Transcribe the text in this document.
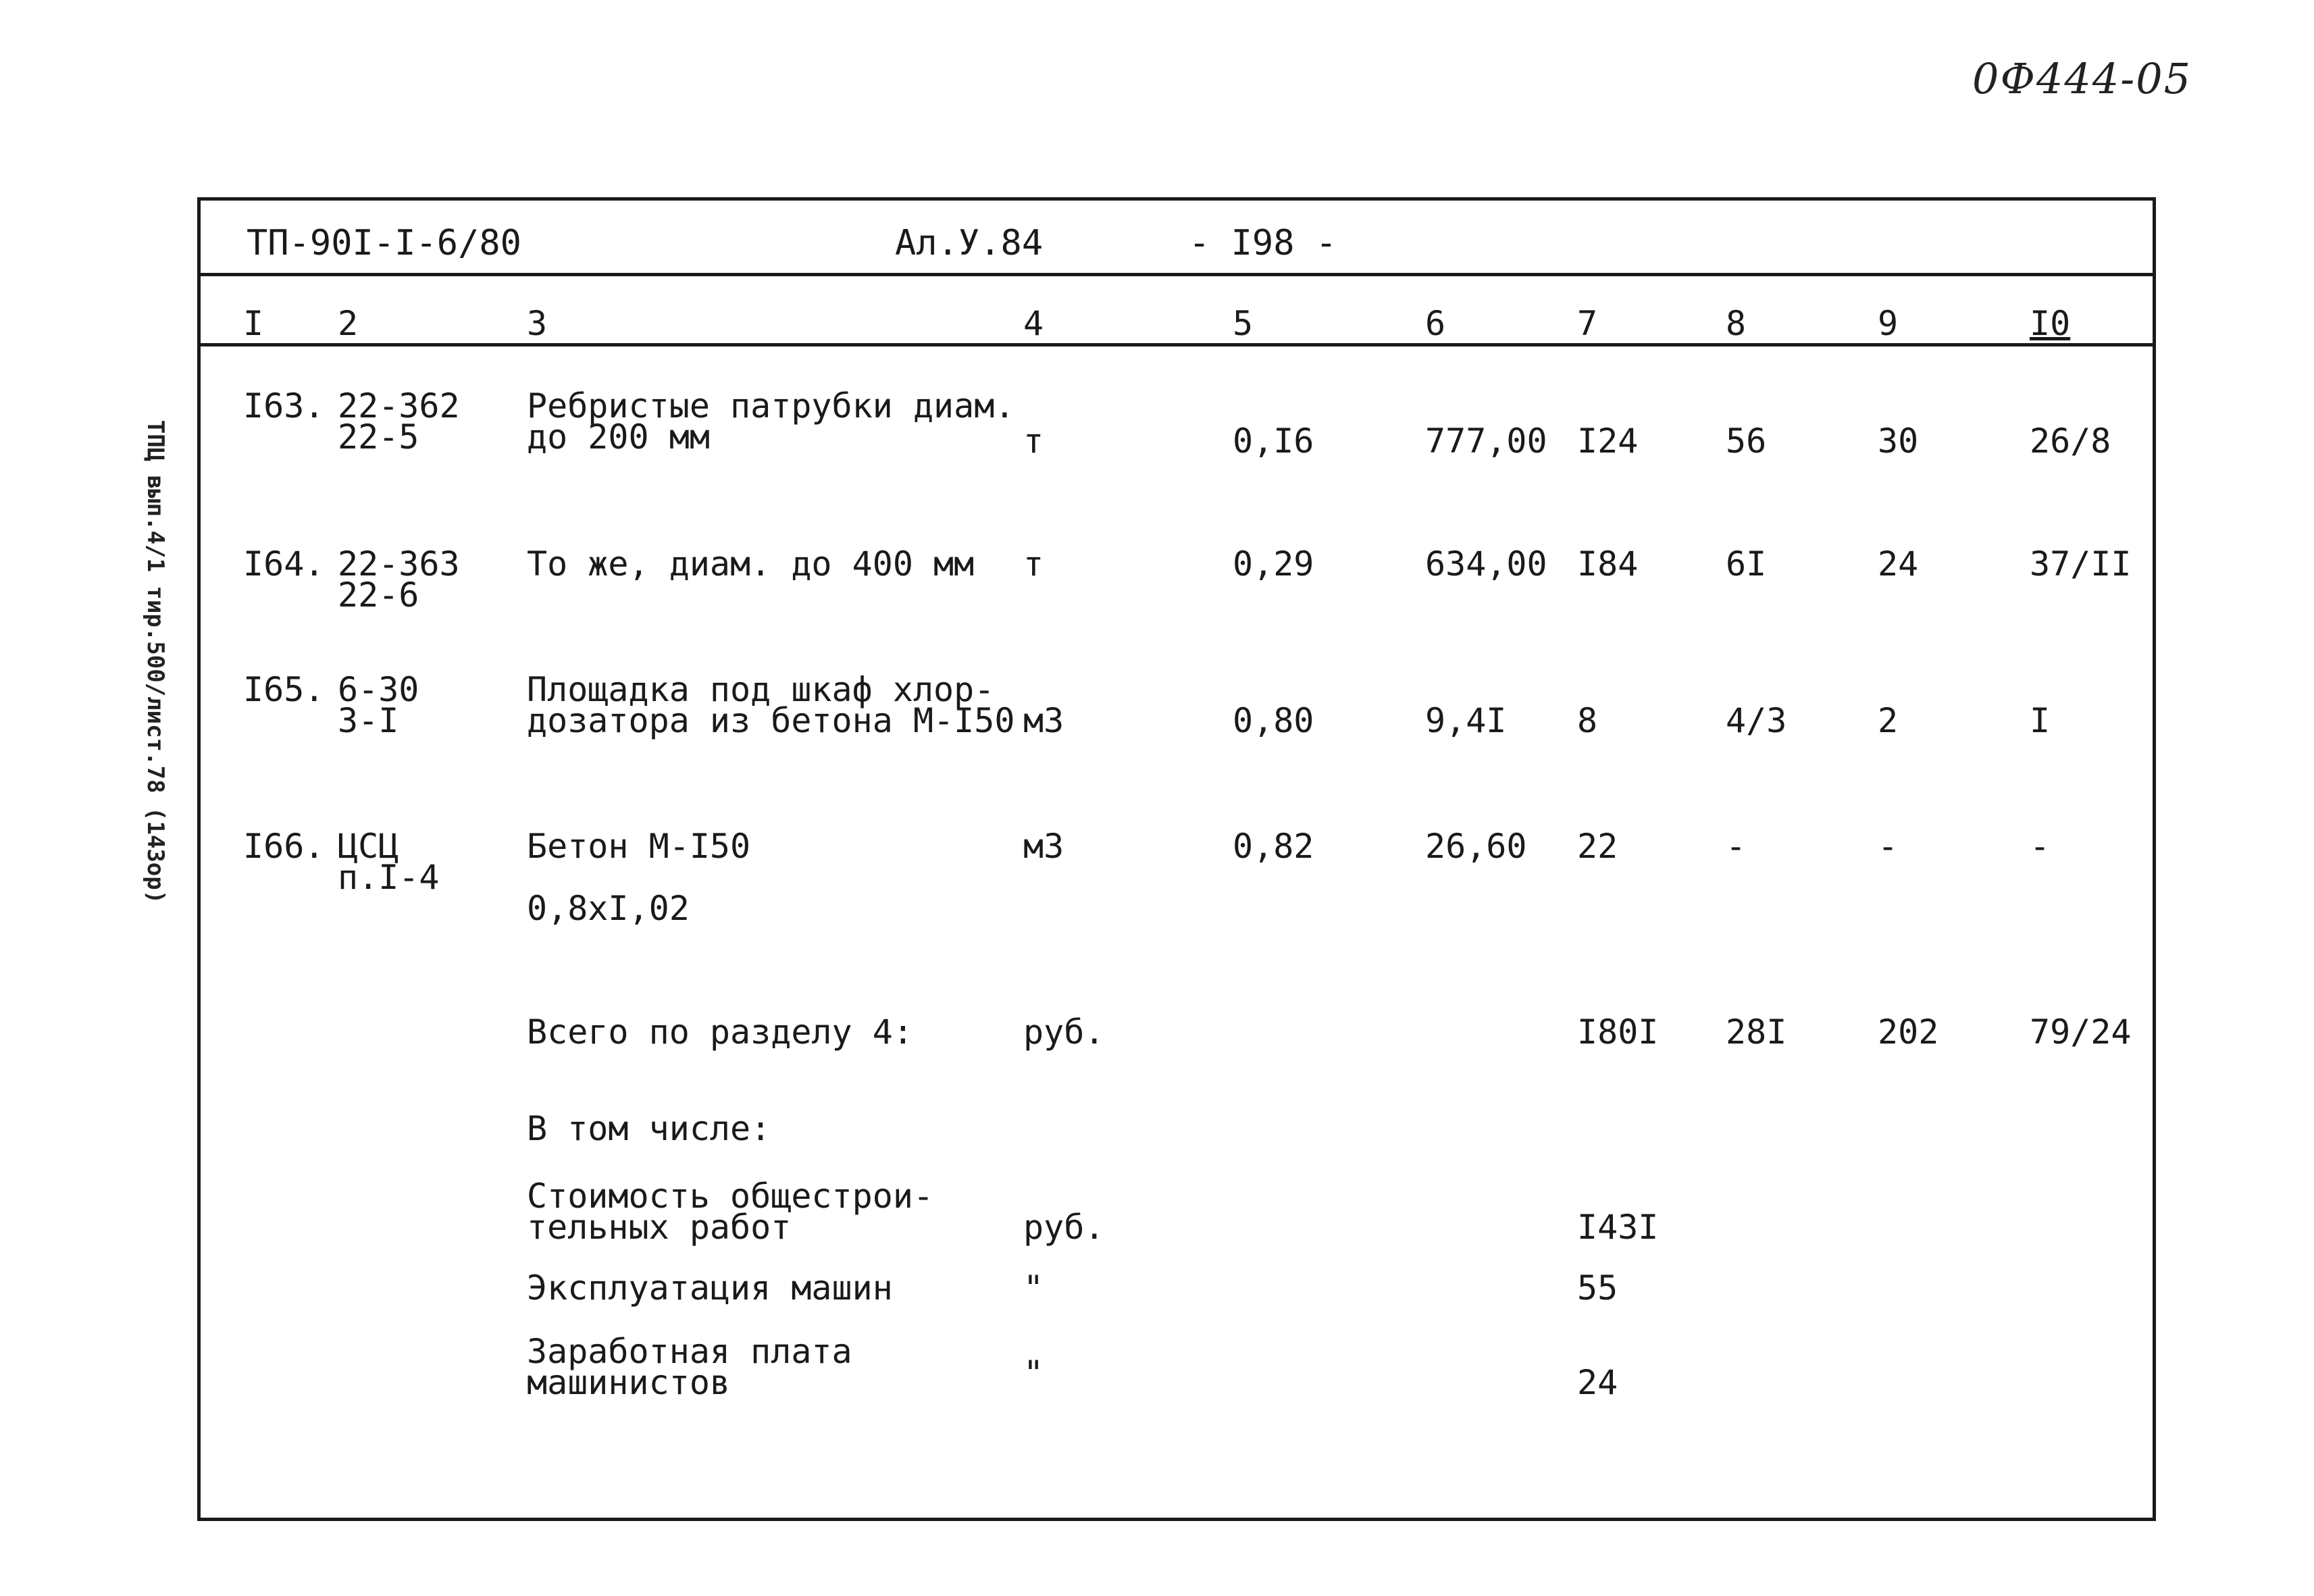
0Ф444-05
ТПЦ вып.4/1 тир.500/лист.78 (143ор)
ТП-90I-I-6/80	Ал.У.84	- I98 -
I 2	3	4	5	6	7	8	9	I0
I63. 22-362
22-5
Ребристые патрубки диам.
до 200 мм	т	0,I6	777,00 I24	56	30	26/8
I64. 22-363
22-6
То же, диам. до 400 мм т	0,29	634,00 I84	6I	24	37/II
I65. 6-30
3-I
Площадка под шкаф хлор-
дозатора из бетона М-I50 м3	0,80	9,4I 8	4/3	2	I
I66. ЦСЦ
п.I-4
Бетон М-I50
0,8хI,02
м3	0,82	26,60 22	-	-	-
Всего по разделу 4:	руб.	I80I 28I	202	79/24
В том числе:
Стоимость общестрои-
тельных работ	руб.	I43I
Эксплуатация машин	"	55
Заработная плата
машинистов	"	24
